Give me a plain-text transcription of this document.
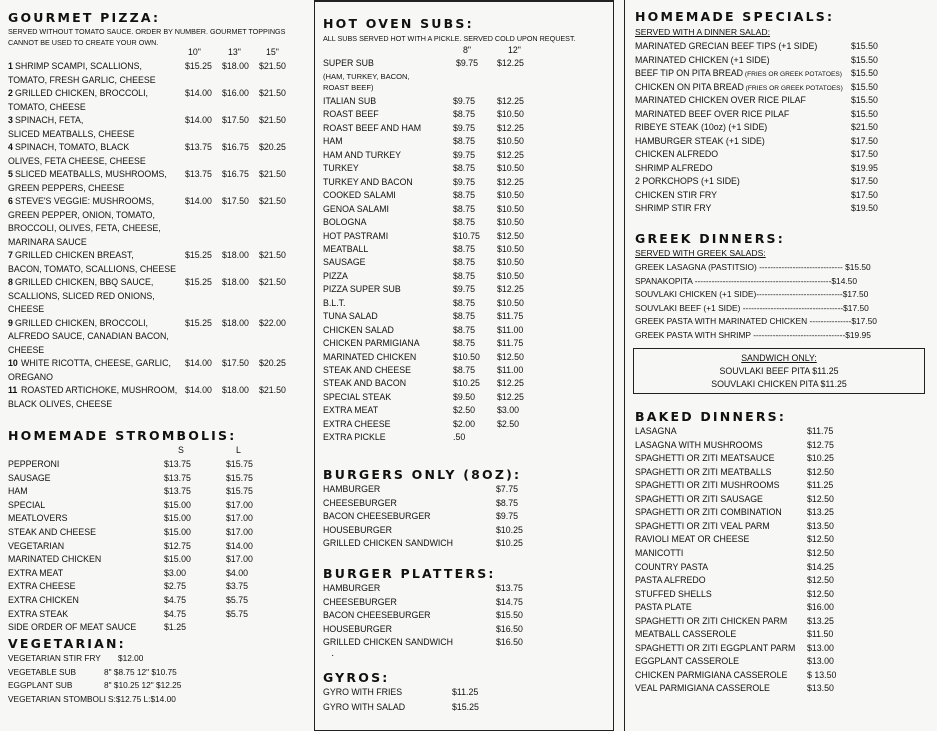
GOURMET PIZZA:
SERVED WITHOUT TOMATO SAUCE. ORDER BY NUMBER. GOURMET TOPPINGS CANNOT BE USED TO CREATE YOUR OWN.
10"	13"	15"
1 SHRIMP SCAMPI, SCALLIONS,	$15.25 $18.00 $21.50
TOMATO, FRESH GARLIC, CHEESE
2 GRILLED CHICKEN, BROCCOLI,	$14.00 $16.00 $21.50
TOMATO, CHEESE
3 SPINACH, FETA,	$14.00 $17.50 $21.50
SLICED MEATBALLS, CHEESE
4 SPINACH, TOMATO, BLACK	$13.75 $16.75 $20.25
OLIVES, FETA CHEESE, CHEESE
5 SLICED MEATBALLS, MUSHROOMS, $13.75 $16.75 $21.50
GREEN PEPPERS, CHEESE
6 STEVE'S VEGGIE: MUSHROOMS,	$14.00 $17.50 $21.50
GREEN PEPPER, ONION, TOMATO,
BROCCOLI, OLIVES, FETA, CHEESE,
MARINARA SAUCE
7 GRILLED CHICKEN BREAST,	$15.25 $18.00 $21.50
BACON, TOMATO, SCALLIONS, CHEESE
8 GRILLED CHICKEN, BBQ SAUCE,	$15.25 $18.00 $21.50
SCALLIONS, SLICED RED ONIONS,
CHEESE
9 GRILLED CHICKEN, BROCCOLI,	$15.25 $18.00 $22.00
ALFREDO SAUCE, CANADIAN BACON,
CHEESE
10 WHITE RICOTTA, CHEESE, GARLIC, $14.00 $17.50 $20.25
OREGANO
11 ROASTED ARTICHOKE, MUSHROOM, $14.00 $18.00 $21.50
BLACK OLIVES, CHEESE
HOMEMADE STROMBOLIS:
S	L
PEPPERONI	$13.75	$15.75
SAUSAGE	$13.75	$15.75
HAM	$13.75	$15.75
SPECIAL	$15.00	$17.00
MEATLOVERS	$15.00	$17.00
STEAK AND CHEESE	$15.00	$17.00
VEGETARIAN	$12.75	$14.00
MARINATED CHICKEN	$15.00	$17.00
EXTRA MEAT	$3.00	$4.00
EXTRA CHEESE	$2.75	$3.75
EXTRA CHICKEN	$4.75	$5.75
EXTRA STEAK	$4.75	$5.75
SIDE ORDER OF MEAT SAUCE	$1.25
VEGETARIAN:
VEGETARIAN STIR FRY $12.00
VEGETABLE SUB	8" $8.75 12" $10.75
EGGPLANT SUB	8" $10.25 12" $12.25
VEGETARIAN STOMBOLI S:$12.75 L:$14.00
HOT OVEN SUBS:
ALL SUBS SERVED HOT WITH A PICKLE. SERVED COLD UPON REQUEST.
8"	12"
SUPER SUB	$9.75 $12.25
(HAM, TURKEY, BACON,
ROAST BEEF)
ITALIAN SUB	$9.75 $12.25
ROAST BEEF	$8.75 $10.50
ROAST BEEF AND HAM	$9.75 $12.25
HAM	$8.75 $10.50
HAM AND TURKEY	$9.75 $12.25
TURKEY	$8.75 $10.50
TURKEY AND BACON	$9.75 $12.25
COOKED SALAMI	$8.75 $10.50
GENOA SALAMI	$8.75 $10.50
BOLOGNA	$8.75 $10.50
HOT PASTRAMI	$10.75 $12.50
MEATBALL	$8.75 $10.50
SAUSAGE	$8.75 $10.50
PIZZA	$8.75 $10.50
PIZZA SUPER SUB	$9.75 $12.25
B.L.T.	$8.75 $10.50
TUNA SALAD	$8.75 $11.75
CHICKEN SALAD	$8.75 $11.00
CHICKEN PARMIGIANA	$8.75 $11.75
MARINATED CHICKEN	$10.50 $12.50
STEAK AND CHEESE	$8.75 $11.00
STEAK AND BACON	$10.25 $12.25
SPECIAL STEAK	$9.50 $12.25
EXTRA MEAT	$2.50 $3.00
EXTRA CHEESE	$2.00 $2.50
EXTRA PICKLE	.50
BURGERS ONLY (8OZ):
HAMBURGER	$7.75
CHEESEBURGER	$8.75
BACON CHEESEBURGER	$9.75
HOUSEBURGER	$10.25
GRILLED CHICKEN SANDWICH	$10.25
BURGER PLATTERS:
HAMBURGER	$13.75
CHEESEBURGER	$14.75
BACON CHEESEBURGER	$15.50
HOUSEBURGER	$16.50
GRILLED CHICKEN SANDWICH	$16.50
·
GYROS:
GYRO WITH FRIES	$11.25
GYRO WITH SALAD	$15.25
HOMEMADE SPECIALS:
SERVED WITH A DINNER SALAD:
MARINATED GRECIAN BEEF TIPS (+1 SIDE)	$15.50
MARINATED CHICKEN (+1 SIDE)	$15.50
BEEF TIP ON PITA BREAD (FRIES OR GREEK POTATOES) $15.50
CHICKEN ON PITA BREAD (FRIES OR GREEK POTATOES) $15.50
MARINATED CHICKEN OVER RICE PILAF	$15.50
MARINATED BEEF OVER RICE PILAF	$15.50
RIBEYE STEAK (10oz) (+1 SIDE)	$21.50
HAMBURGER STEAK (+1 SIDE)	$17.50
CHICKEN ALFREDO	$17.50
SHRIMP ALFREDO	$19.95
2 PORKCHOPS (+1 SIDE)	$17.50
CHICKEN STIR FRY	$17.50
SHRIMP STIR FRY	$19.50
GREEK DINNERS:
SERVED WITH GREEK SALADS:
GREEK LASAGNA (PASTITSIO) ------------------------------ $15.50
SPANAKOPITA -------------------------------------------------$14.50
SOUVLAKI CHICKEN (+1 SIDE)-------------------------------$17.50
SOUVLAKI BEEF (+1 SIDE) ------------------------------------$17.50
GREEK PASTA WITH MARINATED CHICKEN ---------------$17.50
GREEK PASTA WITH SHRIMP ---------------------------------$19.95
SANDWICH ONLY:
SOUVLAKI BEEF PITA $11.25
SOUVLAKI CHICKEN PITA $11.25
BAKED DINNERS:
LASAGNA	$11.75
LASAGNA WITH MUSHROOMS	$12.75
SPAGHETTI OR ZITI MEATSAUCE	$10.25
SPAGHETTI OR ZITI MEATBALLS	$12.50
SPAGHETTI OR ZITI MUSHROOMS	$11.25
SPAGHETTI OR ZITI SAUSAGE	$12.50
SPAGHETTI OR ZITI COMBINATION	$13.25
SPAGHETTI OR ZITI VEAL PARM	$13.50
RAVIOLI MEAT OR CHEESE	$12.50
MANICOTTI	$12.50
COUNTRY PASTA	$14.25
PASTA ALFREDO	$12.50
STUFFED SHELLS	$12.50
PASTA PLATE	$16.00
SPAGHETTI OR ZITI CHICKEN PARM $13.25
MEATBALL CASSEROLE	$11.50
SPAGHETTI OR ZITI EGGPLANT PARM $13.00
EGGPLANT CASSEROLE	$13.00
CHICKEN PARMIGIANA CASSEROLE $ 13.50
VEAL PARMIGIANA CASSEROLE	$13.50
